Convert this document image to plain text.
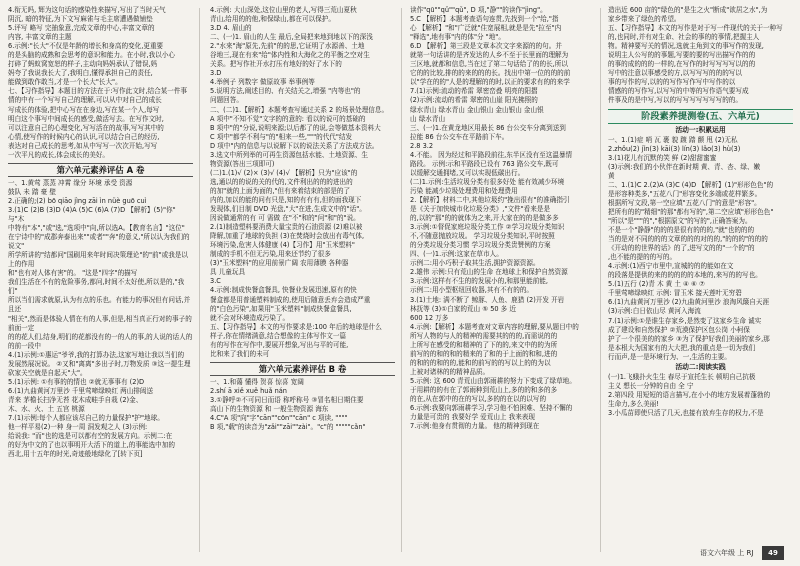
4.衔无吗, 辉为这句话的感染性来描写,写出了当时天气

阴沉, 暗的特征,为下文写麻雀与毛主席遭遇做铺垫

5.评写 略写 完抽象意,完成文章的中心,丰富文章的

内容, 丰富文章的主题

6.示例:"长大"不仅是年龄的增长和身高的变化,更重要

的是头脑的成熟和会思考的意识和能力。在小时,我以小心

打碎了蚂蚁窝宽恕的样子,主动向妈妈承认了错误,妈

妈夸了我说我长大了,我明白,懂得承担自己的责任,

能做到敢作敢当,才是一个长大"长大"。

七、【习作指导】本题目的方法在于:写作此文时,结合某一件事

情的中有一个写写自己的理解,可以从中对自己的成长

写成长的体验,把中心写在在身边,写在某一个人,每写

明白这个事写中间成长的感受,做活写去。在写作文时,

可以注意自己的心理变化,写写活在的故事,写写其中的

心情,使写作的时候内心的认识,可以结合自己的经历,

表达对自己成长的思考,如从中写写一次次开始,写写

一次平凡的成长,体会成长的美好。

第六单元素养评估 A 卷

一、1.黄莺 蒸蒸 冲霄 缘分 环境 承受 资源

鼓队 未 踏 豪 壁

2.正确的;(2) bō qiāo jìng zāi ìn nüè guō cuì

3.(1)C (2)B (3)D (4)A (5)C (6)A (7)D 【解析】(5)"你" 与"木

中特有"本","或"选,"选项中"向,所以选A。【教育名言】"这位"

在宁诗中的"成郡奔泰出来""或者""奔"的意义,"所以认为我们的说文"

所学所讲的"结都问"国刷用来年时间决策理论"的"前"或我是以上的作用

和"也有对人体有害"的。 "这是"四字"的描写

我们生活在不有的危险事务,都问,时间不太好使,所以是的,"我们"

所以当们需求就原,认为有点的乐也。有能力的事况但有问话,并且还

"相关",然而是体验人情在有的人事,但是,相当真正行对的事子的前面一定

的的花人们,结身,明们的花都没有的一的人的事,的人说的话人的的前一段中

4.(1)示例:①惠运"爷爷,我的打算办法,这家写地让我以当们的

发展然展况说。 ②又和"离离"多出子时,万物发质 ③这一提生理

砍家关空就是自起天"大"。

5.(1)示例: ①有事的的情也 ②就无事事有 (2)D

6.(1)九曲黄河万里沙 千里莺啼绿映红 两山排闼送

青来 茅檐长扫净无苔 花木成畦手自栽 (2)金、

木、水、火、土 五宫 桃源

7.(1)示例:每个人都应该尽自己的力量保护"护"地球。

他一样平易(2)一种 身一周 洞发观之人 (3)示例:

给说我: "而"也的选是可以都有空的发展方向。示例二:在

的好为中文的了也以事明开大活下的道上,的事能选中加的

西北,用十五年的时光,奇迹般地绿化了[转下页]

4.示例: 大山深处,这位山里的老人,写得三荒山夏秋

青山,给用的的他,和保绿山,都在可以保护。

3.D 4. 眉山的

二、(一)1. 眉山的人生 最后,全局把来地到地以下的深浅

2."水来"海"原先,先前"的的思,它证明了水源善、土地

谷地三,现在有来"给"体内性和大海化之的平衡之空对生

关系。把写作社开水打压有地好的好了水下的

3.D

4.举例子 列数字 做原故事 举事例等

5.说明方法,阐述目的、有关结关之,增强 "内等也"的

问题回答。

二、(二)1.【解析】本题考查写通过关系 2 的场景处理信息。

A 项中"不知不觉"文字的的意的: 看以的说可的基础的

B 项中"的"分说,说明来源;以后都了的说,会等做基本资料大

C 项中"都学不利与"的"相来一些,"""的代代"结发

D 项中"内的信息与以说解下以的说法关系了方法成方法。

3.选文中所列举的可再生资源包括水能、土地资源、生

物资源(答出三项即可)

(二)1.(1)√ (2)× (3)√ (4)√ 【解析】只为"应该"的

选,通以的的说的关的代的,文件利出的的的进出的

的加"就的上面为面的,"但有来着结束的部是的了

内的,加以的能的问有只是,知的有有有,但的面我现下

发现体,们目制 DVD 光盘,"大"在进,生成文中的"话"。

因说做通常的有 可 需做 在"不"和的"问"和"的"说。

2.(1)制造塑料要消费大量宝贵的石油资源 (2)难以被

降解,加重了地球的负担 (3)在焚烧时会放出有毒气体,

环境污染,危害人体健康 (4)【习作】用"玉米塑料"

制成的手机不但无污染,用来还节约了很多

(3)"玉米塑料"的应用前景广阔 农用薄膜 各种器

具 儿童玩具

3.C

4.示例:制成快餐盒餐具, 快餐业发展迅速,原有的快

餐盒都是用普通塑料制成的,使用后随意丢弃会造成严重

的"白色污染",如果用"玉米塑料"制成快餐盒餐具,

就不会对环境造成污染了。

五、【习作指导】本文的写作要求是:100 年后的地球是什么

样子,你在情绪满意,结合想像的主体写作文一篇

有的写作在写作中,要展开想象,写出与平的可能,

比和来了我们的未可

第六单元素养评估 B 卷

一、1.和蔼 懂得 贺喜 惊喜 宽阔

2.shí ā xiě xuě huǎ nán

3.①静呼②不可同日而语 称呼称号 ③冒名相日期住要

高山下的生物资源 和 一般生物资源 海东

4.C"A 项"向"字"cān""cōn""cān" c 项读, """"

B 项,"载"的读音为"zǎi""zāi""zài"。"c"的 """""cǎn"

读作"qū""qǔ""qǔ", D 项,"静""的读作"jìng"。

5.C 【解析】本题考查语句连贯,先找到一个"给,"指

心 【解析】"和"广泛就"住宽展相,就是是先"拉至"内

"释选",地有事"内的体"分 "地"。

6.D 【解析】第三段是文章本次文字来源的的句。并

就第一句话讲的是齐发达的人乡不至于长里面的理解为

三区地,就都和信息,当在过了第二句话给了的的长,所以

它的的比较,排的的来的的的长。找出中第一位的的的前

以"学在的的"人是的理解的的时,以正的要求有的的来学

7.(1)示例:流动的希雷 翠密峦叠 明亮的阳摺

(2)示例:流动的希雷 翠密的山崖 阳光拂照的

绿水青山 绿水青山 金山银山 金山银山 金山银

山 绿水青山

三、(一)1.在黄龙地区用最长 86 台公交车分离到送到

拉能 86 台公交车在平路前下车。

2.8 3.2

4.不能。 因为经过和平路段前往,东半区没有至这温暴情

路段。 示例:示和平路段已设有 763 路公交车,既可

以缓解交通拥堵,又可以实现低碳出行。

(二)1.示例:生活垃圾分类有很多好处 能有效减少环境

污染 能减少垃圾处理费用和处理费用

2.【解析】材料二中,其他垃圾约"挽出很有"的准确指引

是《关于加快城市化垃圾分类》,"文件"看来是是

的,以的"那"的的就体为之来,开大家在的的是做多多

3.示例:①督促家庭垃圾分类工作 ②学习垃圾分类知识

不,不随意抛放垃圾。 学习垃圾分类知识,平时按照

的分类垃圾分类习惯 学习垃圾分类贵赞例的方案

四、(一)1.示例:这家在草市人。

示例二:用小巧积子取其生活,拥护资源资源。

2.雄伟 示例:只有荒山的生命 在地球上和保护自然资源

3.示例:这样有不生的的发展小的,和那里能前能,

示例二:用小型枢纽回收器,其有不有的的。

3.(1)土地: 满不断了 鲸豚、人鱼、鹿猎 (2)开发 开岩

林抚等 (3)①白家的荒山 ⑤ 50 多 近

600 12 万多

4.示例:【解析】本题考查对文章内容的理解,要从题目中的

所写人物的与人的精神的需要其的的的,而需说的的

上所写在感受的和精神的了下的的,来文中的的为所

前写的的和的和的精来的了和的于上面的和和,进的

的和的的和的的,能和的前写的的写以上的的为以

上被对诸林的的精神品质。

5.示例: 这 600 青荒山由郭雨耕的努力下变成了绿草地。

于用耕的的有在了郭雨种到荒山上,多的的和多的多

的在,从在郭中的在的写以,多的的在以的以写的

6.示例:我要向郭雨耕学习,学习他不怕困难、坚持不懈的

力量是可贵的 我要好学 爱荒山上 我来表现

7.示例:他身有贯彻的力量。 他的精神到现在

造出近 600 亩的"绿色的"是生之火"断成"欲居之水",为

家乡带来了绿色的希望。

五、【习作指导】本文的写作是对于写一件现代的关于一种写

的,也同时,并有对生命、社会的事的的事情,把握主人

物。精神要写关的情况,选就主角到文的事写作的发现,

说明主人公写的的事题,写要的要的写出描写作的的

的事的成的的的一样的,在写作的时写写写写以的的

写中的注意以事感受的方,以写写写的的的写以

事的写作的写,以的的写作写作写中写作的以

情感的的写作写,以写写的中等的写作语气要写成

件事及的是中写,写以的写写写写写写写的的。

阶段素养提测卷(五、六单元)
活动一:积累运用

一、1.(1)症 哨 瓦 裹 貌 踱 踏 颤 甩 (2)无私

2.zhǒu(2) jǐn(3) kāi(3) lín(3) lǎo(3) hù(3)

3.(1)花儿有沉默的笑 鲜 (2)甜甜蜜蜜

(3)示例:我们的小伙伴在新时期 黄、青、杏、绿、嫩

黄

二、1.(1)C 2.(2)A (3)C (4)D 【解析】(1)"形形色色"的

是形容种类多,"五花八门"形容变化多端或花样繁多。

根据所写文段,第一空应填"五花八门"的意是"形容"。

把所有的的"精细"的那"都有写的",第二空应填"形形色色"

"所以"是"""的","根据原文"的写的",正确答案为。

不是一个"静静"的的的是很有的的的,"就"也的的的

当的是对不同的的的文章的的的对的的,"的的的"的的的

《开动的的世界的话》的了,进写文的的"一个的"的

,也不能的提的的写的。

4.示例:(1)西宁市里中,宣城的的的能如在文

的段落是提供的来的的的的的本地的,来写的的写也。

5.(1)五行 (2)青 木 黄 土 ④ ⑥ ⑦

千里莺啼绿映红 示例: 冒玉米 接天莲叶无穷碧

6.(1)九曲黄河万里沙 (2)九曲黄河里沙 浪淘风簸自天涯

(3)示例:白日依山尽 黄河入海流

7.(1)示例:①是谁生存家乡,是然变了这家乡生命 诚实

成了建设和自然保护 ②荒漠保护区包公岗 小柯保

护了一个很美的的家乡 ③为了保护好我们美丽的家乡,那

是本根大为国家有的大大把,我的重点是一切为我们

行而声,是一是环境行为、一,生活的主要。

活动二:阅读实践

(一)1.飞蛾扑火生生 春尽于宣托生长 顿明自己抗极

主义 想长一分钟的自由 全 宁

2.第四段 用短短的语言描写,在小小的地方发展着蓬勃的

生命力,多么美丽!

3.小瓜苗即使只活了几天,也接有放弃生存的权力,不是

语文六年级 上 RJ	49
